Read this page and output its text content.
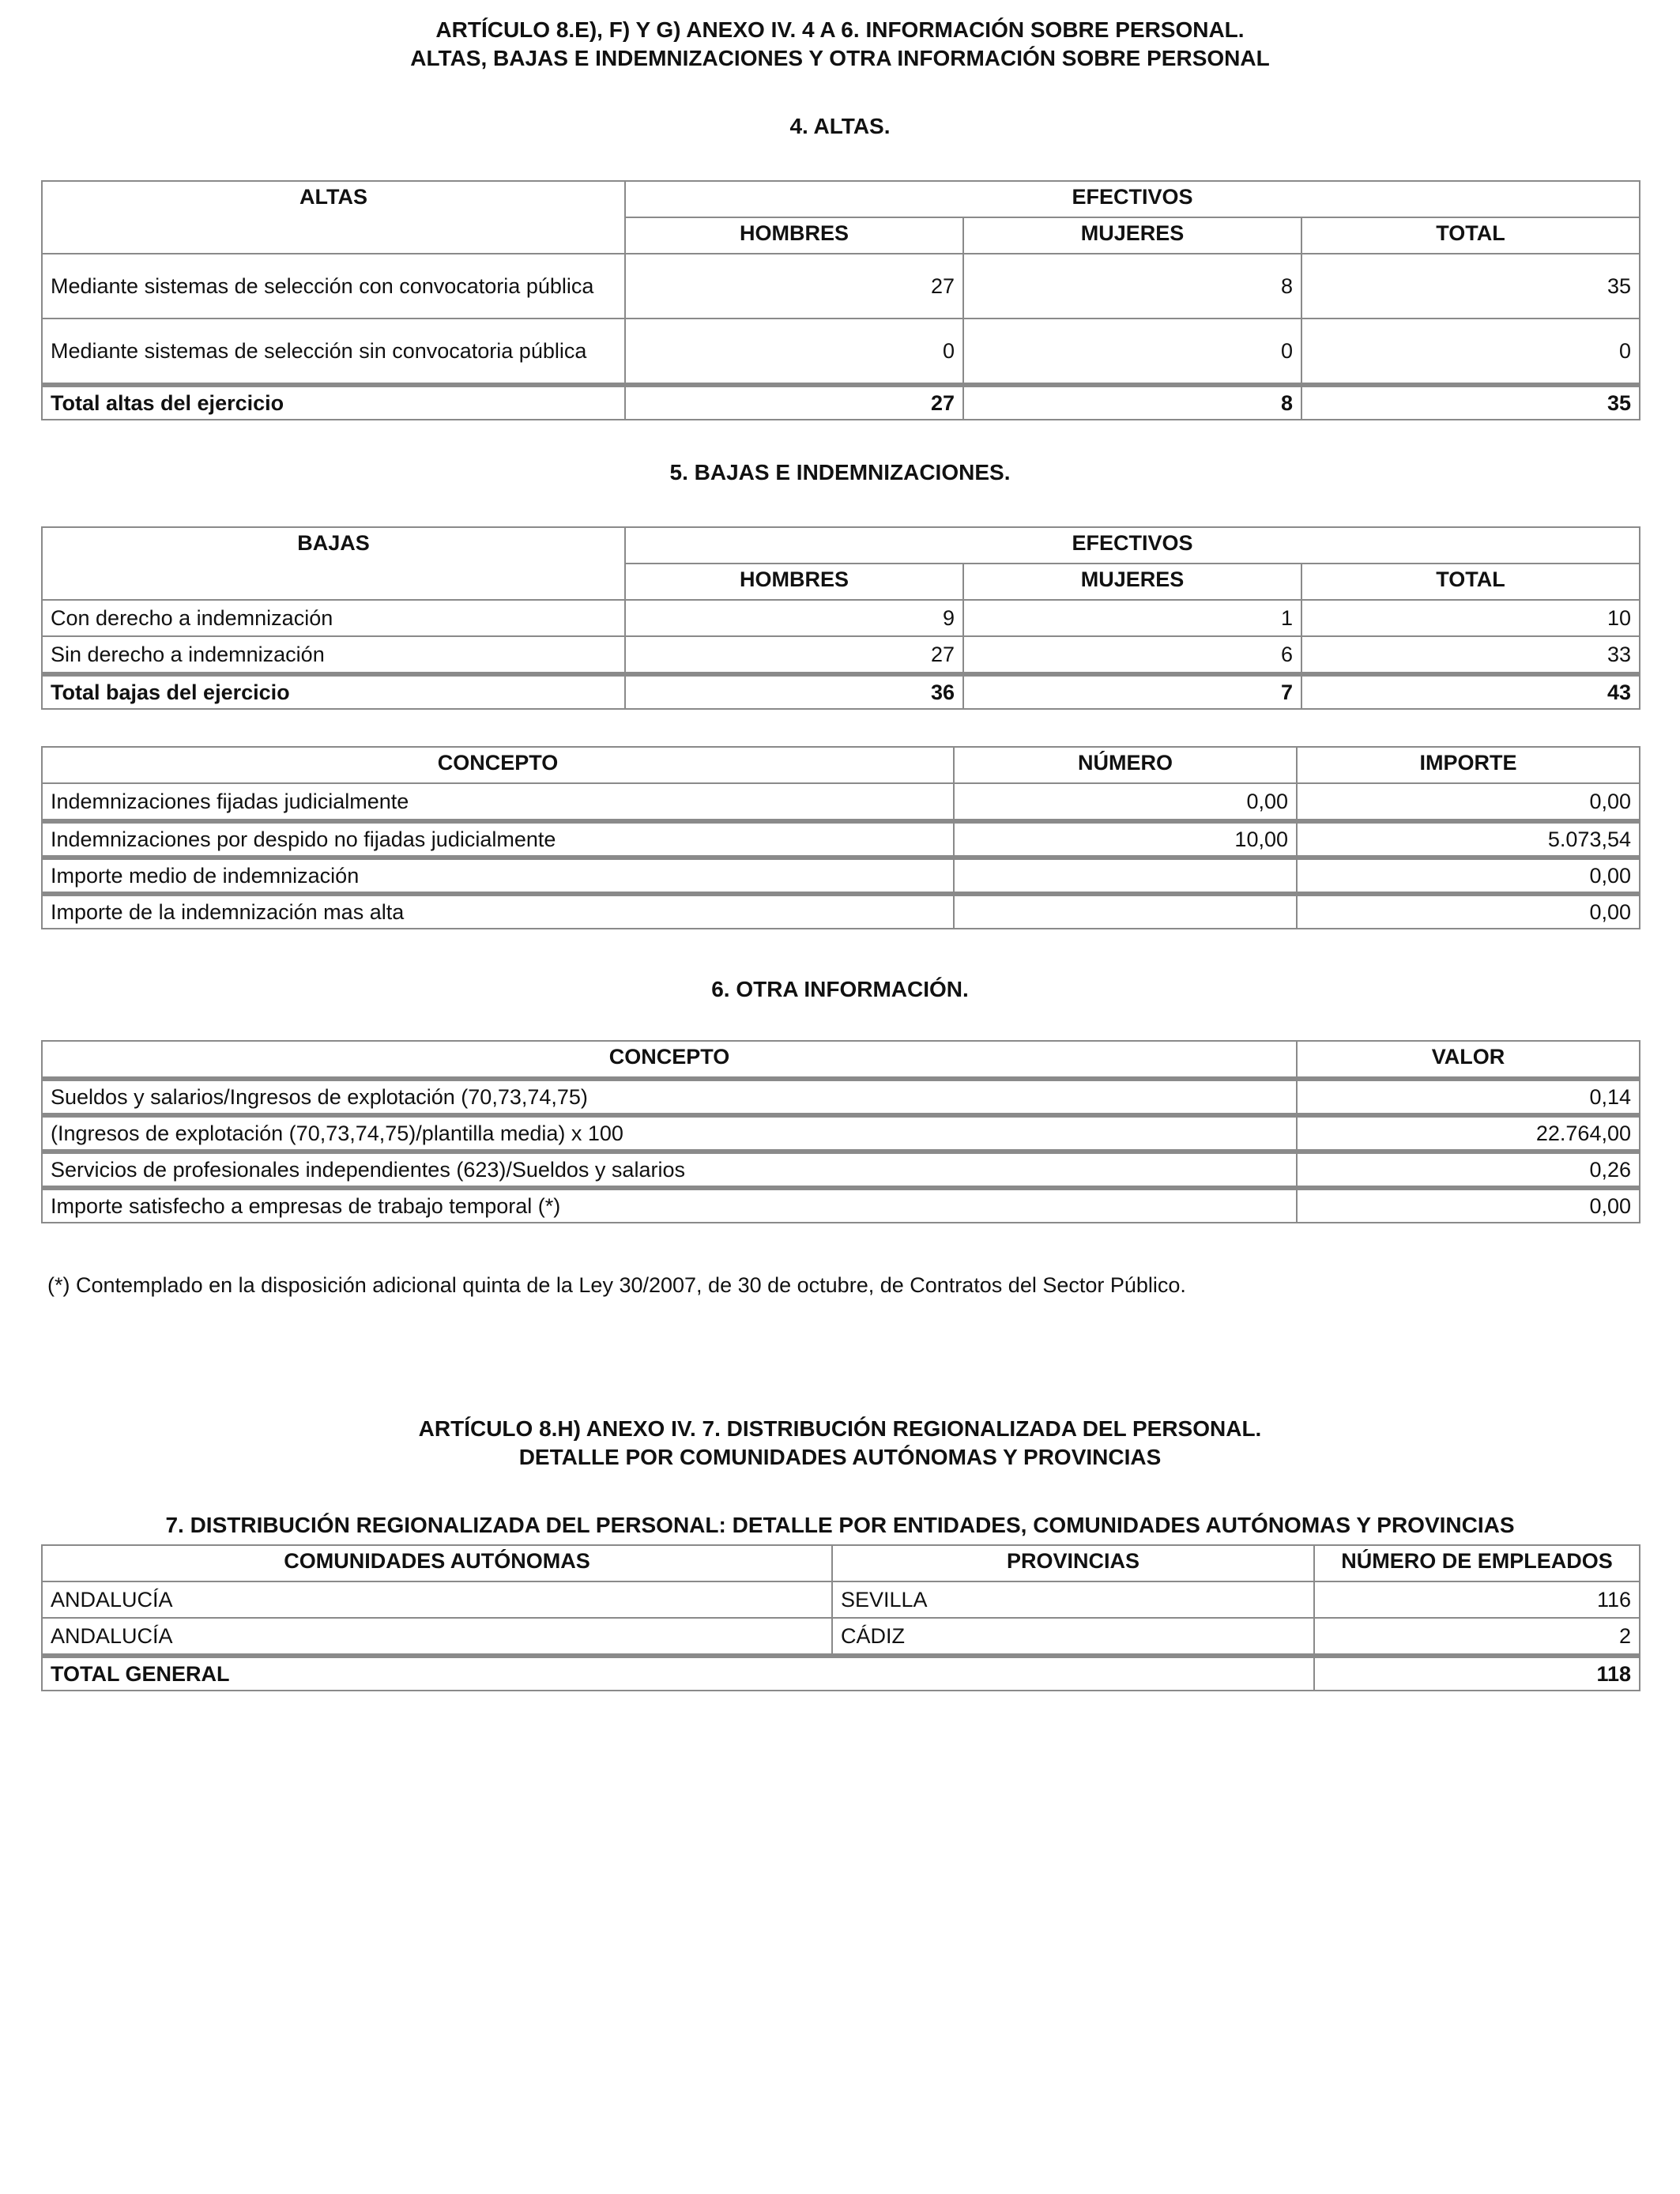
ARTÍCULO 8.E), F) Y G) ANEXO IV. 4 A 6. INFORMACIÓN SOBRE PERSONAL.
ALTAS, BAJAS E INDEMNIZACIONES Y OTRA INFORMACIÓN SOBRE PERSONAL
4. ALTAS.
ALTAS	EFECTIVOS		
	HOMBRES	MUJERES	TOTAL
Mediante sistemas de selección con convocatoria pública	27	8	35
Mediante sistemas de selección sin convocatoria pública	0	0	0
Total altas del ejercicio	27	8	35
5. BAJAS E INDEMNIZACIONES.
BAJAS	EFECTIVOS		
	HOMBRES	MUJERES	TOTAL
Con derecho a indemnización	9	1	10
Sin derecho a indemnización	27	6	33
Total bajas del ejercicio	36	7	43
CONCEPTO	NÚMERO	IMPORTE
Indemnizaciones fijadas judicialmente	0,00	0,00
Indemnizaciones por despido no fijadas judicialmente	10,00	5.073,54
Importe medio de indemnización		0,00
Importe de la indemnización mas alta		0,00
6. OTRA INFORMACIÓN.
CONCEPTO	VALOR
Sueldos y salarios/Ingresos de explotación (70,73,74,75)	0,14
(Ingresos de explotación (70,73,74,75)/plantilla media) x 100	22.764,00
Servicios de profesionales independientes (623)/Sueldos y salarios	0,26
Importe satisfecho a empresas de trabajo temporal (*)	0,00
(*) Contemplado en la disposición adicional quinta de la Ley 30/2007, de 30 de octubre, de Contratos del Sector Público.
ARTÍCULO 8.H) ANEXO IV. 7. DISTRIBUCIÓN REGIONALIZADA DEL PERSONAL.
DETALLE POR COMUNIDADES AUTÓNOMAS Y PROVINCIAS
7. DISTRIBUCIÓN REGIONALIZADA DEL PERSONAL: DETALLE POR ENTIDADES, COMUNIDADES AUTÓNOMAS Y PROVINCIAS
COMUNIDADES AUTÓNOMAS	PROVINCIAS	NÚMERO DE EMPLEADOS
ANDALUCÍA	SEVILLA	116
ANDALUCÍA	CÁDIZ	2
TOTAL GENERAL		118
